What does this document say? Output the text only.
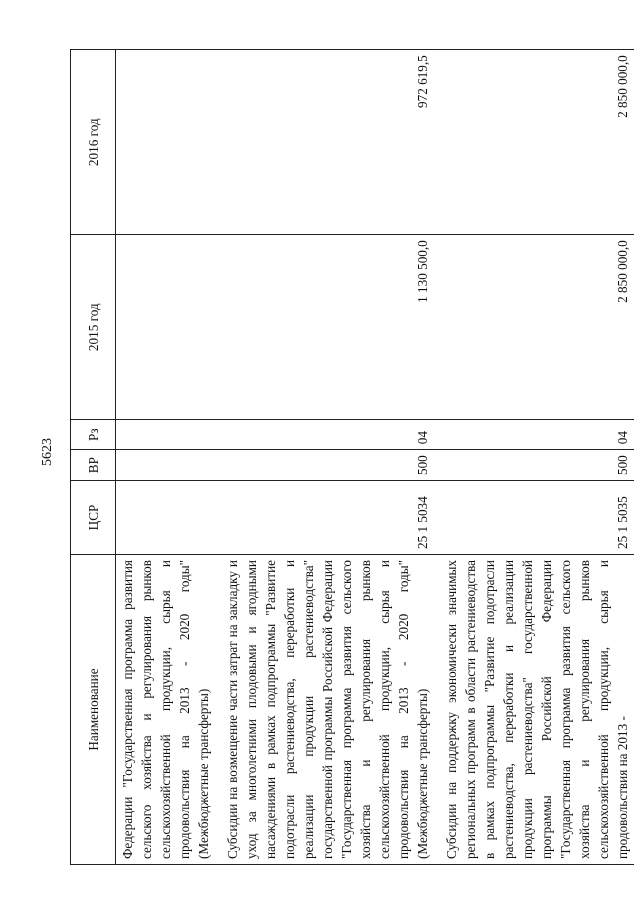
5623
Наименование	ЦСР	ВР	Рз	2015 год	2016 год
Федерации "Государственная программа развития сельского хозяйства и регулирования рынков сельскохозяйственной продукции, сырья и продовольствия на 2013 - 2020 годы" (Межбюджетные трансферты)					
Субсидии на возмещение части затрат на закладку и уход за многолетними плодовыми и ягодными насаждениями в рамках подпрограммы "Развитие подотрасли растениеводства, переработки и реализации продукции растениеводства" государственной программы Российской Федерации "Государственная программа развития сельского хозяйства и регулирования рынков сельскохозяйственной продукции, сырья и продовольствия на 2013 - 2020 годы" (Межбюджетные трансферты)	25 1 5034	500	04	1 130 500,0	972 619,5
Субсидии на поддержку экономически значимых региональных программ в области растениеводства в рамках подпрограммы "Развитие подотрасли растениеводства, переработки и реализации продукции растениеводства" государственной программы Российской Федерации "Государственная программа развития сельского хозяйства и регулирования рынков сельскохозяйственной продукции, сырья и продовольствия на 2013 -	25 1 5035	500	04	2 850 000,0	2 850 000,0
